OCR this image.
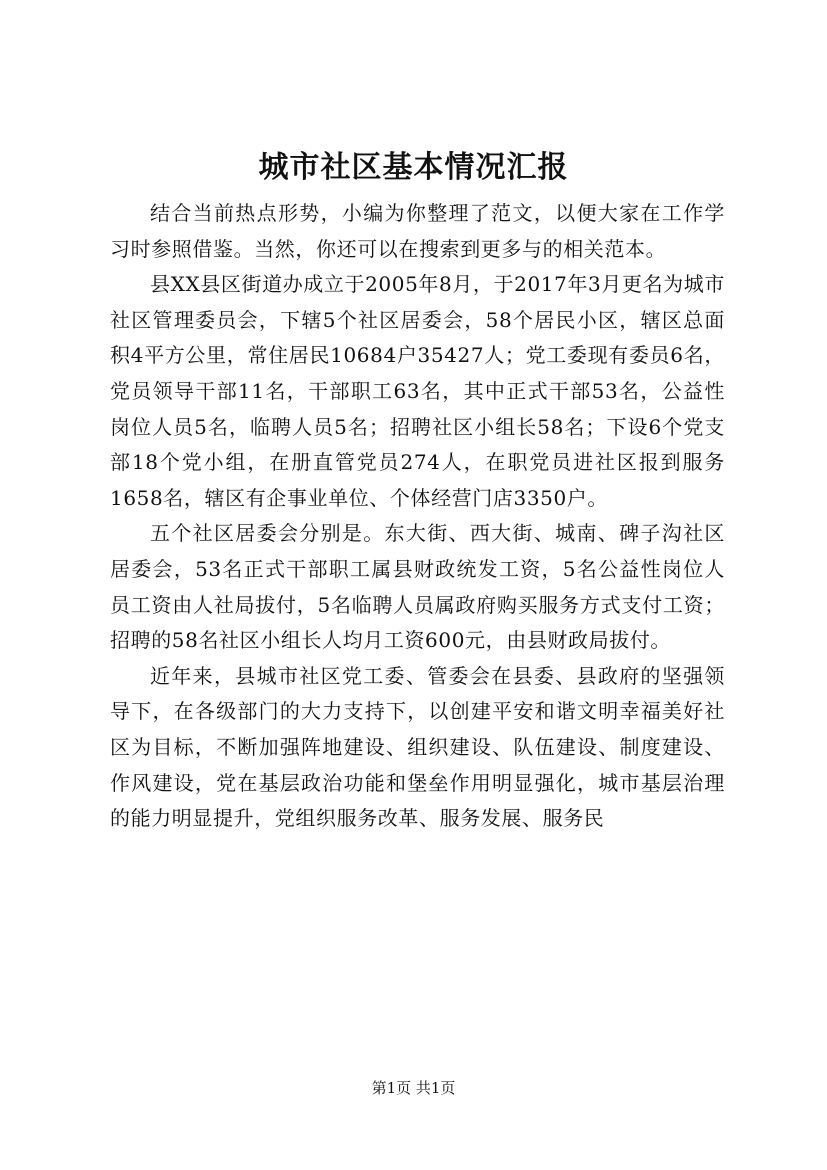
城市社区基本情况汇报

结合当前热点形势，小编为你整理了范文，以便大家在工作学习时参照借鉴。当然，你还可以在搜索到更多与的相关范本。

县XX县区街道办成立于2005年8月，于2017年3月更名为城市社区管理委员会，下辖5个社区居委会，58个居民小区，辖区总面积4平方公里，常住居民10684户35427人；党工委现有委员6名，党员领导干部11名，干部职工63名，其中正式干部53名，公益性岗位人员5名，临聘人员5名；招聘社区小组长58名；下设6个党支部18个党小组，在册直管党员274人，在职党员进社区报到服务1658名，辖区有企事业单位、个体经营门店3350户。

五个社区居委会分别是。东大街、西大街、城南、碑子沟社区居委会，53名正式干部职工属县财政统发工资，5名公益性岗位人员工资由人社局拔付，5名临聘人员属政府购买服务方式支付工资；招聘的58名社区小组长人均月工资600元，由县财政局拔付。

近年来，县城市社区党工委、管委会在县委、县政府的坚强领导下，在各级部门的大力支持下，以创建平安和谐文明幸福美好社区为目标，不断加强阵地建设、组织建设、队伍建设、制度建设、作风建设，党在基层政治功能和堡垒作用明显强化，城市基层治理的能力明显提升，党组织服务改革、服务发展、服务民

第1页 共1页
